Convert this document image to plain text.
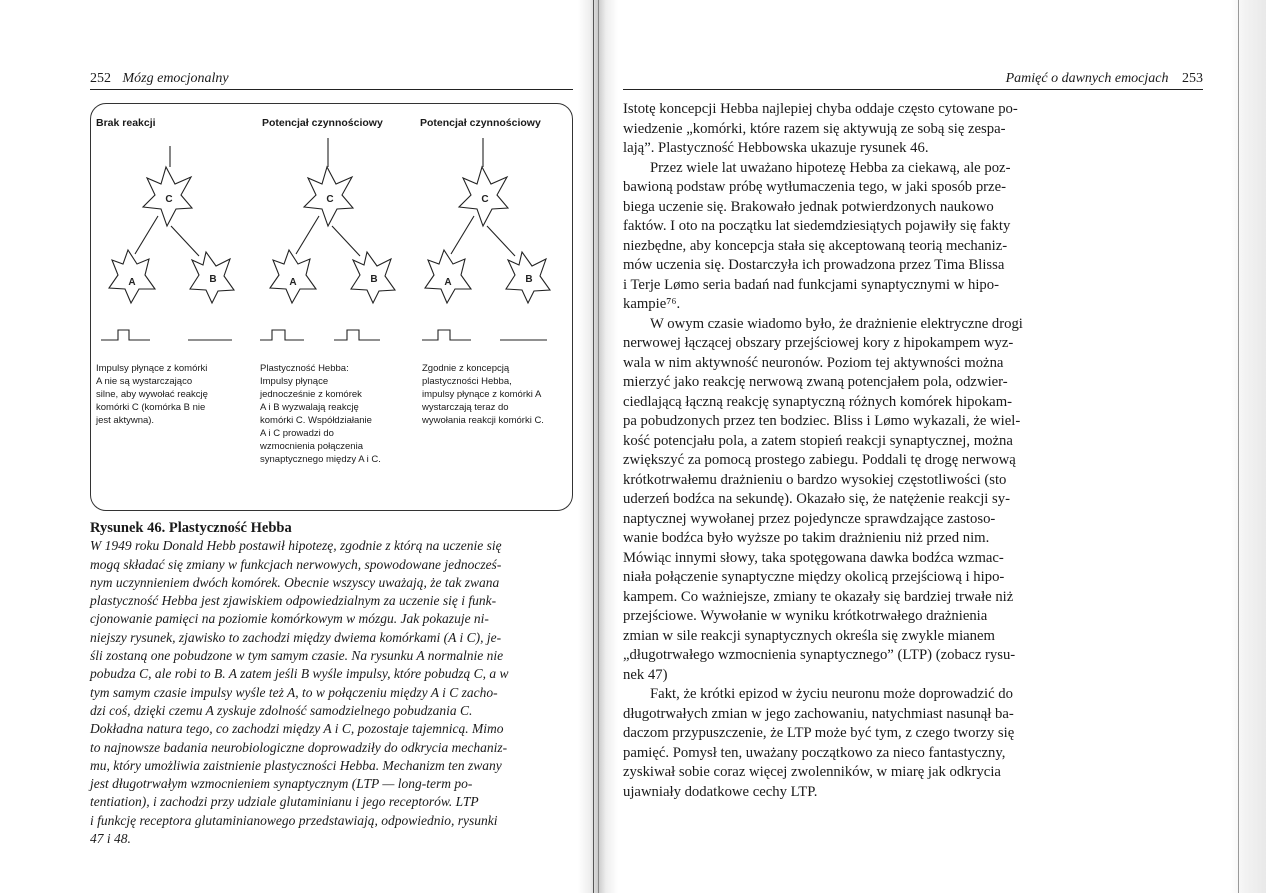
252 Mózg emocjonalny	Pamięć o dawnych emocjach 253
C
A	B
C
A	B
C
A	B
Brak reakcji	Potencjał czynnościowy	Potencjał czynnościowy
Impulsy płynące z komórki
A nie są wystarczająco
silne, aby wywołać reakcję
komórki C (komórka B nie
jest aktywna).
Plastyczność Hebba:
Impulsy płynące
jednocześnie z komórek
A i B wyzwalają reakcję
komórki C. Współdziałanie
A i C prowadzi do
wzmocnienia połączenia
synaptycznego między A i C.
Zgodnie z koncepcją
plastyczności Hebba,
impulsy płynące z komórki A
wystarczają teraz do
wywołania reakcji komórki C.
Rysunek 46. Plastyczność Hebba
W 1949 roku Donald Hebb postawił hipotezę, zgodnie z którą na uczenie się
mogą składać się zmiany w funkcjach nerwowych, spowodowane jednocześ-
nym uczynnieniem dwóch komórek. Obecnie wszyscy uważają, że tak zwana
plastyczność Hebba jest zjawiskiem odpowiedzialnym za uczenie się i funk-
cjonowanie pamięci na poziomie komórkowym w mózgu. Jak pokazuje ni-
niejszy rysunek, zjawisko to zachodzi między dwiema komórkami (A i C), je-
śli zostaną one pobudzone w tym samym czasie. Na rysunku A normalnie nie
pobudza C, ale robi to B. A zatem jeśli B wyśle impulsy, które pobudzą C, a w
tym samym czasie impulsy wyśle też A, to w połączeniu między A i C zacho-
dzi coś, dzięki czemu A zyskuje zdolność samodzielnego pobudzania C.
Dokładna natura tego, co zachodzi między A i C, pozostaje tajemnicą. Mimo
to najnowsze badania neurobiologiczne doprowadziły do odkrycia mechaniz-
mu, który umożliwia zaistnienie plastyczności Hebba. Mechanizm ten zwany
jest długotrwałym wzmocnieniem synaptycznym (LTP — long-term po-
tentiation), i zachodzi przy udziale glutaminianu i jego receptorów. LTP
i funkcję receptora glutaminianowego przedstawiają, odpowiednio, rysunki
47 i 48.
Istotę koncepcji Hebba najlepiej chyba oddaje często cytowane po-
wiedzenie „komórki, które razem się aktywują ze sobą się zespa-
lają”. Plastyczność Hebbowska ukazuje rysunek 46.
Przez wiele lat uważano hipotezę Hebba za ciekawą, ale poz-
bawioną podstaw próbę wytłumaczenia tego, w jaki sposób prze-
biega uczenie się. Brakowało jednak potwierdzonych naukowo
faktów. I oto na początku lat siedemdziesiątych pojawiły się fakty
niezbędne, aby koncepcja stała się akceptowaną teorią mechaniz-
mów uczenia się. Dostarczyła ich prowadzona przez Tima Blissa
i Terje Lømo seria badań nad funkcjami synaptycznymi w hipo-
kampie⁷⁶.
W owym czasie wiadomo było, że drażnienie elektryczne drogi
nerwowej łączącej obszary przejściowej kory z hipokampem wyz-
wala w nim aktywność neuronów. Poziom tej aktywności można
mierzyć jako reakcję nerwową zwaną potencjałem pola, odzwier-
ciedlającą łączną reakcję synaptyczną różnych komórek hipokam-
pa pobudzonych przez ten bodziec. Bliss i Lømo wykazali, że wiel-
kość potencjału pola, a zatem stopień reakcji synaptycznej, można
zwiększyć za pomocą prostego zabiegu. Poddali tę drogę nerwową
krótkotrwałemu drażnieniu o bardzo wysokiej częstotliwości (sto
uderzeń bodźca na sekundę). Okazało się, że natężenie reakcji sy-
naptycznej wywołanej przez pojedyncze sprawdzające zastoso-
wanie bodźca było wyższe po takim drażnieniu niż przed nim.
Mówiąc innymi słowy, taka spotęgowana dawka bodźca wzmac-
niała połączenie synaptyczne między okolicą przejściową i hipo-
kampem. Co ważniejsze, zmiany te okazały się bardziej trwałe niż
przejściowe. Wywołanie w wyniku krótkotrwałego drażnienia
zmian w sile reakcji synaptycznych określa się zwykle mianem
„długotrwałego wzmocnienia synaptycznego” (LTP) (zobacz rysu-
nek 47)
Fakt, że krótki epizod w życiu neuronu może doprowadzić do
długotrwałych zmian w jego zachowaniu, natychmiast nasunął ba-
daczom przypuszczenie, że LTP może być tym, z czego tworzy się
pamięć. Pomysł ten, uważany początkowo za nieco fantastyczny,
zyskiwał sobie coraz więcej zwolenników, w miarę jak odkrycia
ujawniały dodatkowe cechy LTP.
